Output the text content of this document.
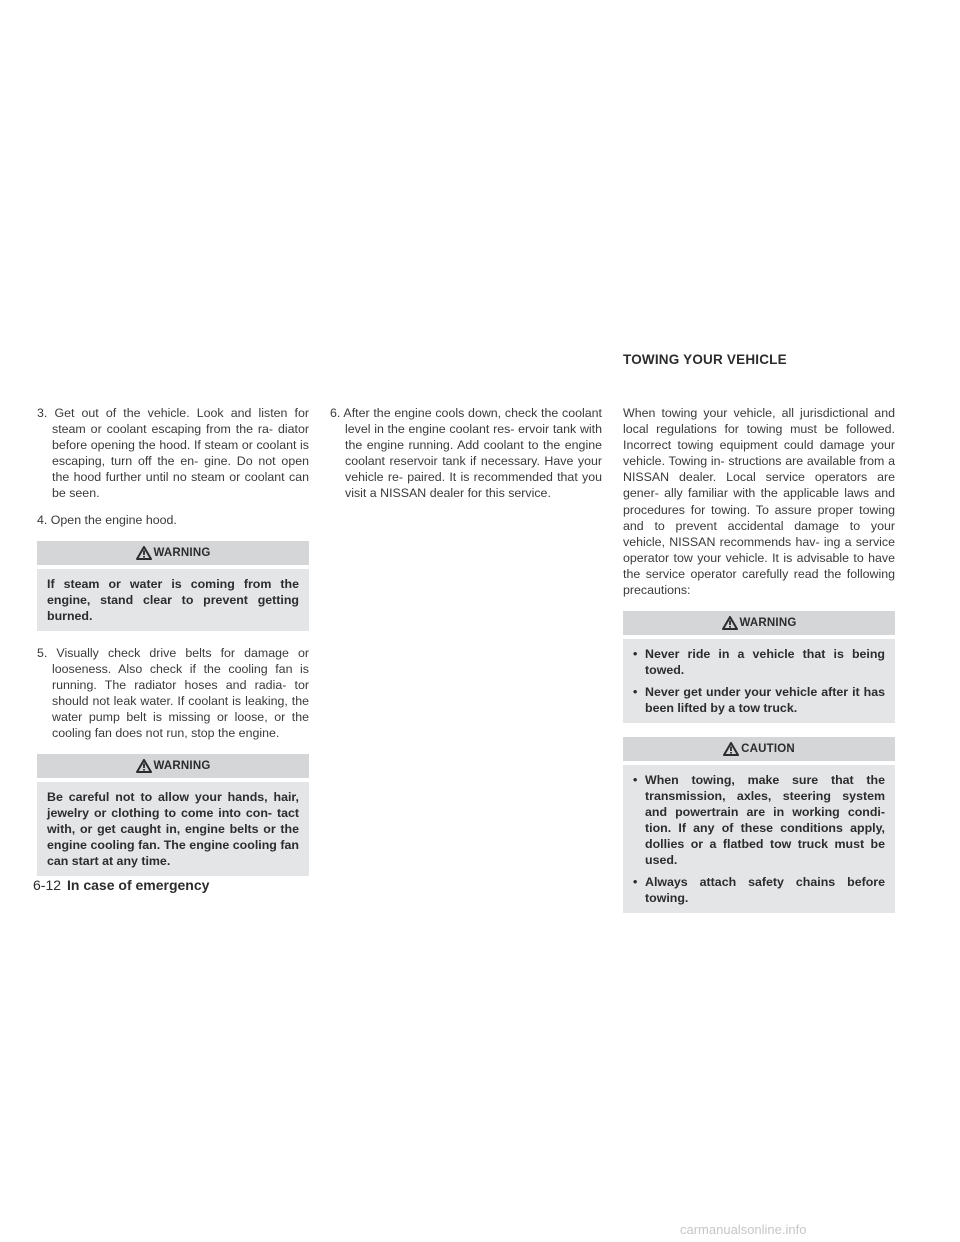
TOWING YOUR VEHICLE
3. Get out of the vehicle. Look and listen for steam or coolant escaping from the ra- diator before opening the hood. If steam or coolant is escaping, turn off the en- gine. Do not open the hood further until no steam or coolant can be seen.
4. Open the engine hood.
WARNING
If steam or water is coming from the engine, stand clear to prevent getting burned.
5. Visually check drive belts for damage or looseness. Also check if the cooling fan is running. The radiator hoses and radia- tor should not leak water. If coolant is leaking, the water pump belt is missing or loose, or the cooling fan does not run, stop the engine.
WARNING
Be careful not to allow your hands, hair, jewelry or clothing to come into con- tact with, or get caught in, engine belts or the engine cooling fan. The engine cooling fan can start at any time.
6. After the engine cools down, check the coolant level in the engine coolant res- ervoir tank with the engine running. Add coolant to the engine coolant reservoir tank if necessary. Have your vehicle re- paired. It is recommended that you visit a NISSAN dealer for this service.
When towing your vehicle, all jurisdictional and local regulations for towing must be followed. Incorrect towing equipment could damage your vehicle. Towing in- structions are available from a NISSAN dealer. Local service operators are gener- ally familiar with the applicable laws and procedures for towing. To assure proper towing and to prevent accidental damage to your vehicle, NISSAN recommends hav- ing a service operator tow your vehicle. It is advisable to have the service operator carefully read the following precautions:
WARNING
• Never ride in a vehicle that is being towed.
• Never get under your vehicle after it has been lifted by a tow truck.
CAUTION
• When towing, make sure that the transmission, axles, steering system and powertrain are in working condi- tion. If any of these conditions apply, dollies or a flatbed tow truck must be used.
• Always attach safety chains before towing.
6-12 In case of emergency
carmanualsonline.info
